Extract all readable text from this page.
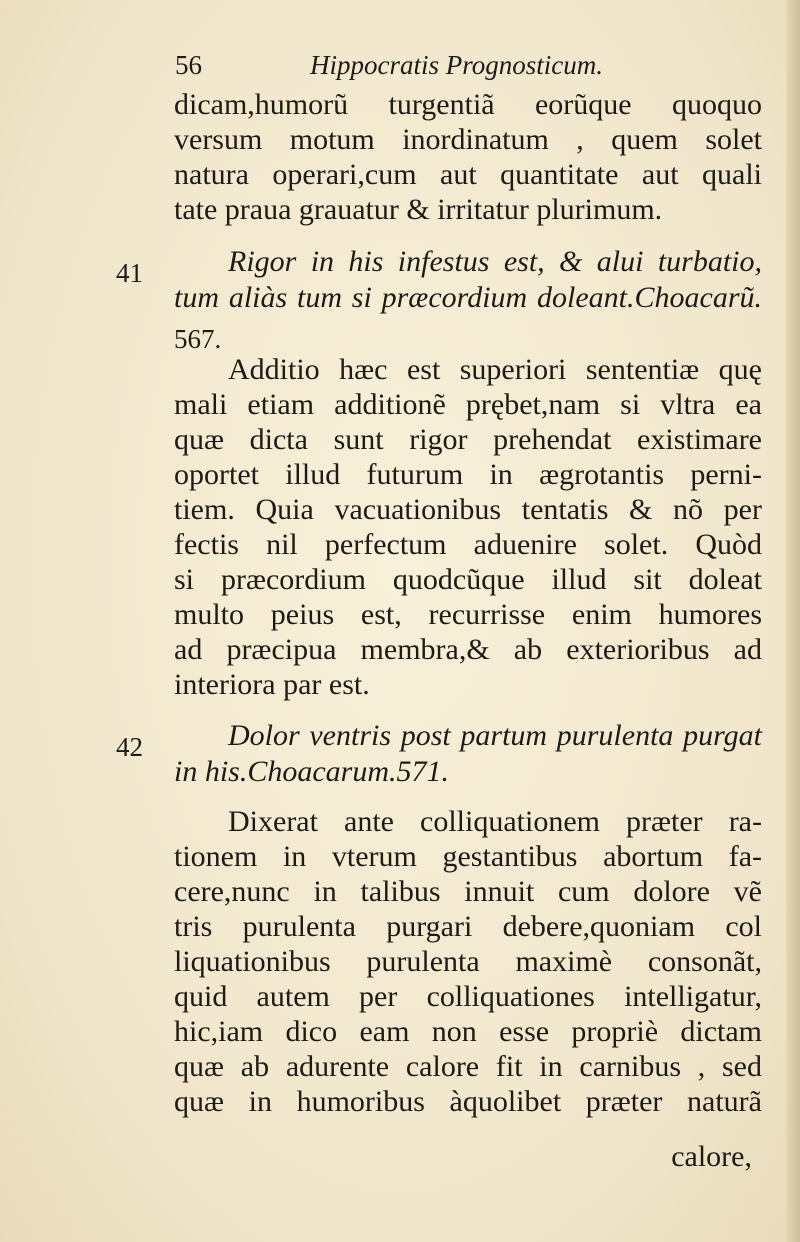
56	Hippocratis Prognosticum.
41
42

dicam,humorũ turgentiã eorũque quoquo

versum motum inordinatum , quem solet

natura operari,cum aut quantitate aut quali

tate praua grauatur & irritatur plurimum.

Rigor in his infestus est, & alui turbatio,

tum aliàs tum si præcordium doleant.Choacarũ.

567.

Additio hæc est superiori sententiæ quę

mali etiam additionẽ prębet,nam si vltra ea

quæ dicta sunt rigor prehendat existimare

oportet illud futurum in ægrotantis perni-

tiem. Quia vacuationibus tentatis & nõ per

fectis nil perfectum aduenire solet. Quòd

si præcordium quodcũque illud sit doleat

multo peius est, recurrisse enim humores

ad præcipua membra,& ab exterioribus ad

interiora par est.

Dolor ventris post partum purulenta purgat

in his.Choacarum.571.

Dixerat ante colliquationem præter ra-

tionem in vterum gestantibus abortum fa-

cere,nunc in talibus innuit cum dolore vẽ

tris purulenta purgari debere,quoniam col

liquationibus purulenta maximè consonãt,

quid autem per colliquationes intelligatur,

hic,iam dico eam non esse propriè dictam

quæ ab adurente calore fit in carnibus , sed

quæ in humoribus àquolibet præter naturã

calore,
